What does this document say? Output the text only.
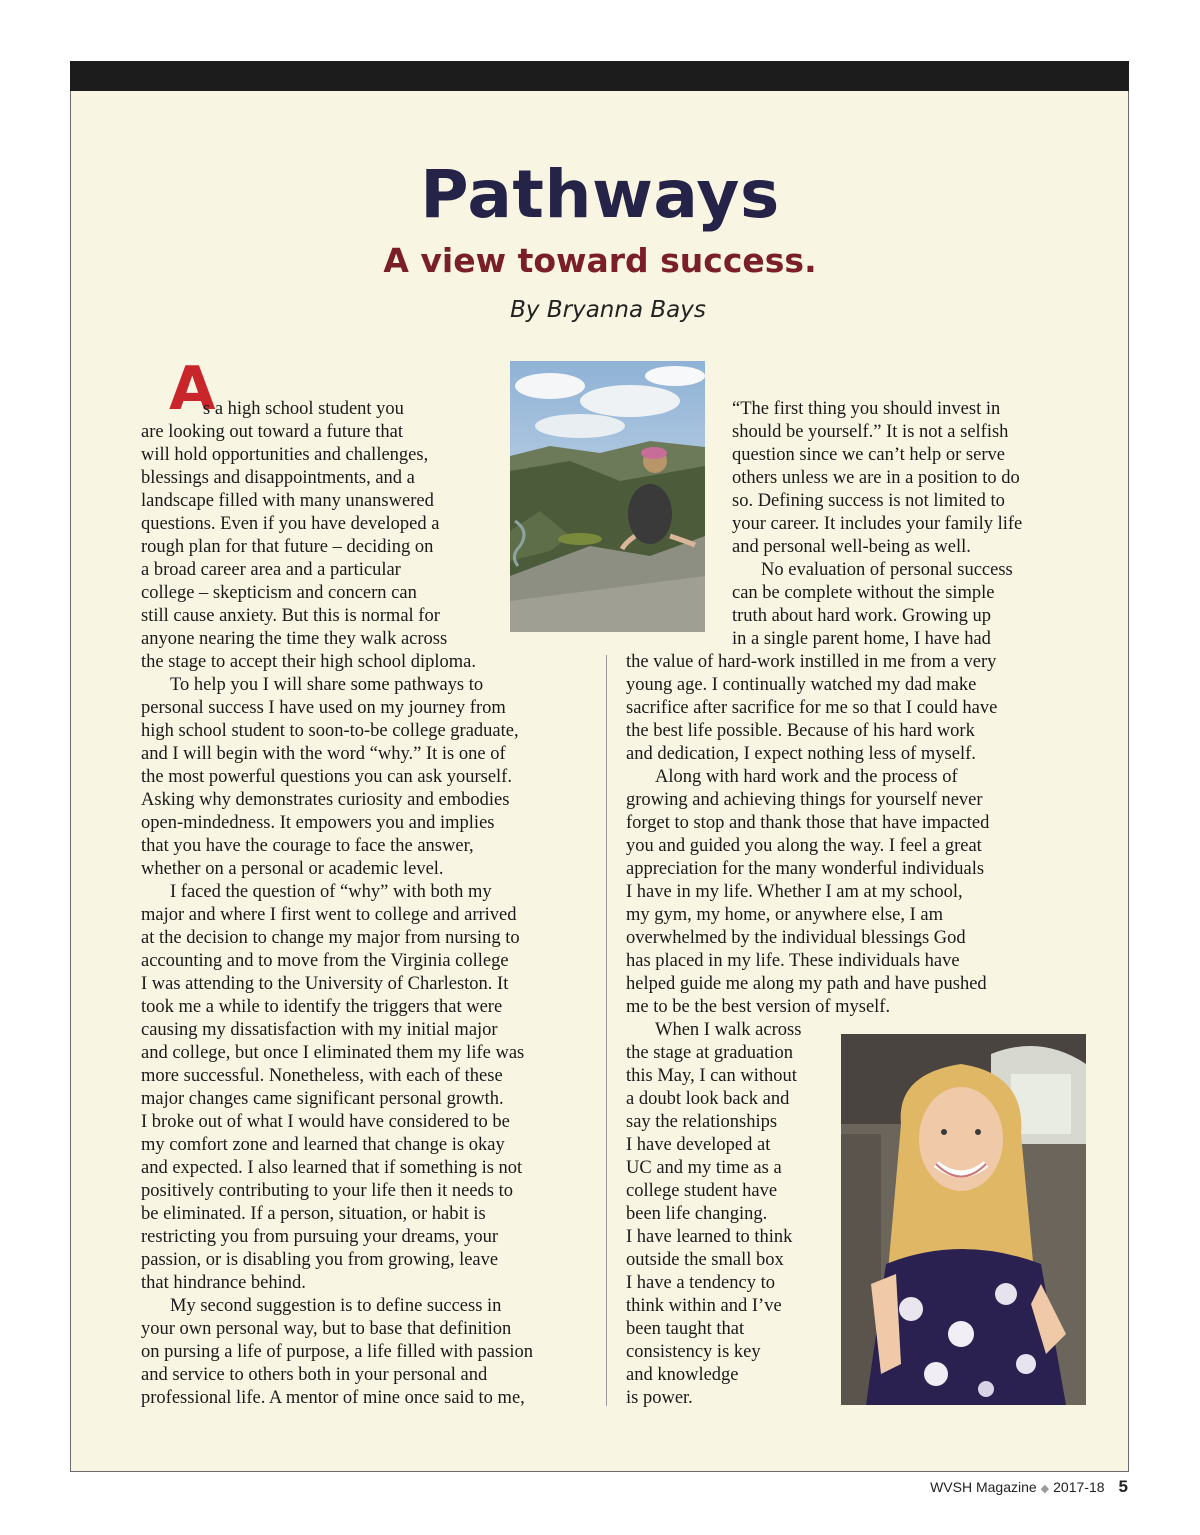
Pathways
A view toward success.

By Bryanna Bays

A
s a high school student you
are looking out toward a future that
will hold opportunities and challenges,
blessings and disappointments, and a
landscape filled with many unanswered
questions. Even if you have developed a
rough plan for that future – deciding on
a broad career area and a particular
college – skepticism and concern can
still cause anxiety. But this is normal for
anyone nearing the time they walk across
the stage to accept their high school diploma.
To help you I will share some pathways to
personal success I have used on my journey from
high school student to soon-to-be college graduate,
and I will begin with the word “why.” It is one of
the most powerful questions you can ask yourself.
Asking why demonstrates curiosity and embodies
open-mindedness. It empowers you and implies
that you have the courage to face the answer,
whether on a personal or academic level.
I faced the question of “why” with both my
major and where I first went to college and arrived
at the decision to change my major from nursing to
accounting and to move from the Virginia college
I was attending to the University of Charleston. It
took me a while to identify the triggers that were
causing my dissatisfaction with my initial major
and college, but once I eliminated them my life was
more successful. Nonetheless, with each of these
major changes came significant personal growth.
I broke out of what I would have considered to be
my comfort zone and learned that change is okay
and expected. I also learned that if something is not
positively contributing to your life then it needs to
be eliminated. If a person, situation, or habit is
restricting you from pursuing your dreams, your
passion, or is disabling you from growing, leave
that hindrance behind.
My second suggestion is to define success in
your own personal way, but to base that definition
on pursing a life of purpose, a life filled with passion
and service to others both in your personal and
professional life. A mentor of mine once said to me,
“The first thing you should invest in
should be yourself.” It is not a selfish
question since we can’t help or serve
others unless we are in a position to do
so. Defining success is not limited to
your career. It includes your family life
and personal well-being as well.
No evaluation of personal success
can be complete without the simple
truth about hard work. Growing up
in a single parent home, I have had
the value of hard-work instilled in me from a very
young age. I continually watched my dad make
sacrifice after sacrifice for me so that I could have
the best life possible. Because of his hard work
and dedication, I expect nothing less of myself.
Along with hard work and the process of
growing and achieving things for yourself never
forget to stop and thank those that have impacted
you and guided you along the way. I feel a great
appreciation for the many wonderful individuals
I have in my life. Whether I am at my school,
my gym, my home, or anywhere else, I am
overwhelmed by the individual blessings God
has placed in my life. These individuals have
helped guide me along my path and have pushed
me to be the best version of myself.
When I walk across
the stage at graduation
this May, I can without
a doubt look back and
say the relationships
I have developed at
UC and my time as a
college student have
been life changing.
I have learned to think
outside the small box
I have a tendency to
think within and I’ve
been taught that
consistency is key
and knowledge
is power.
WVSH Magazine ◆ 2017-18 5
